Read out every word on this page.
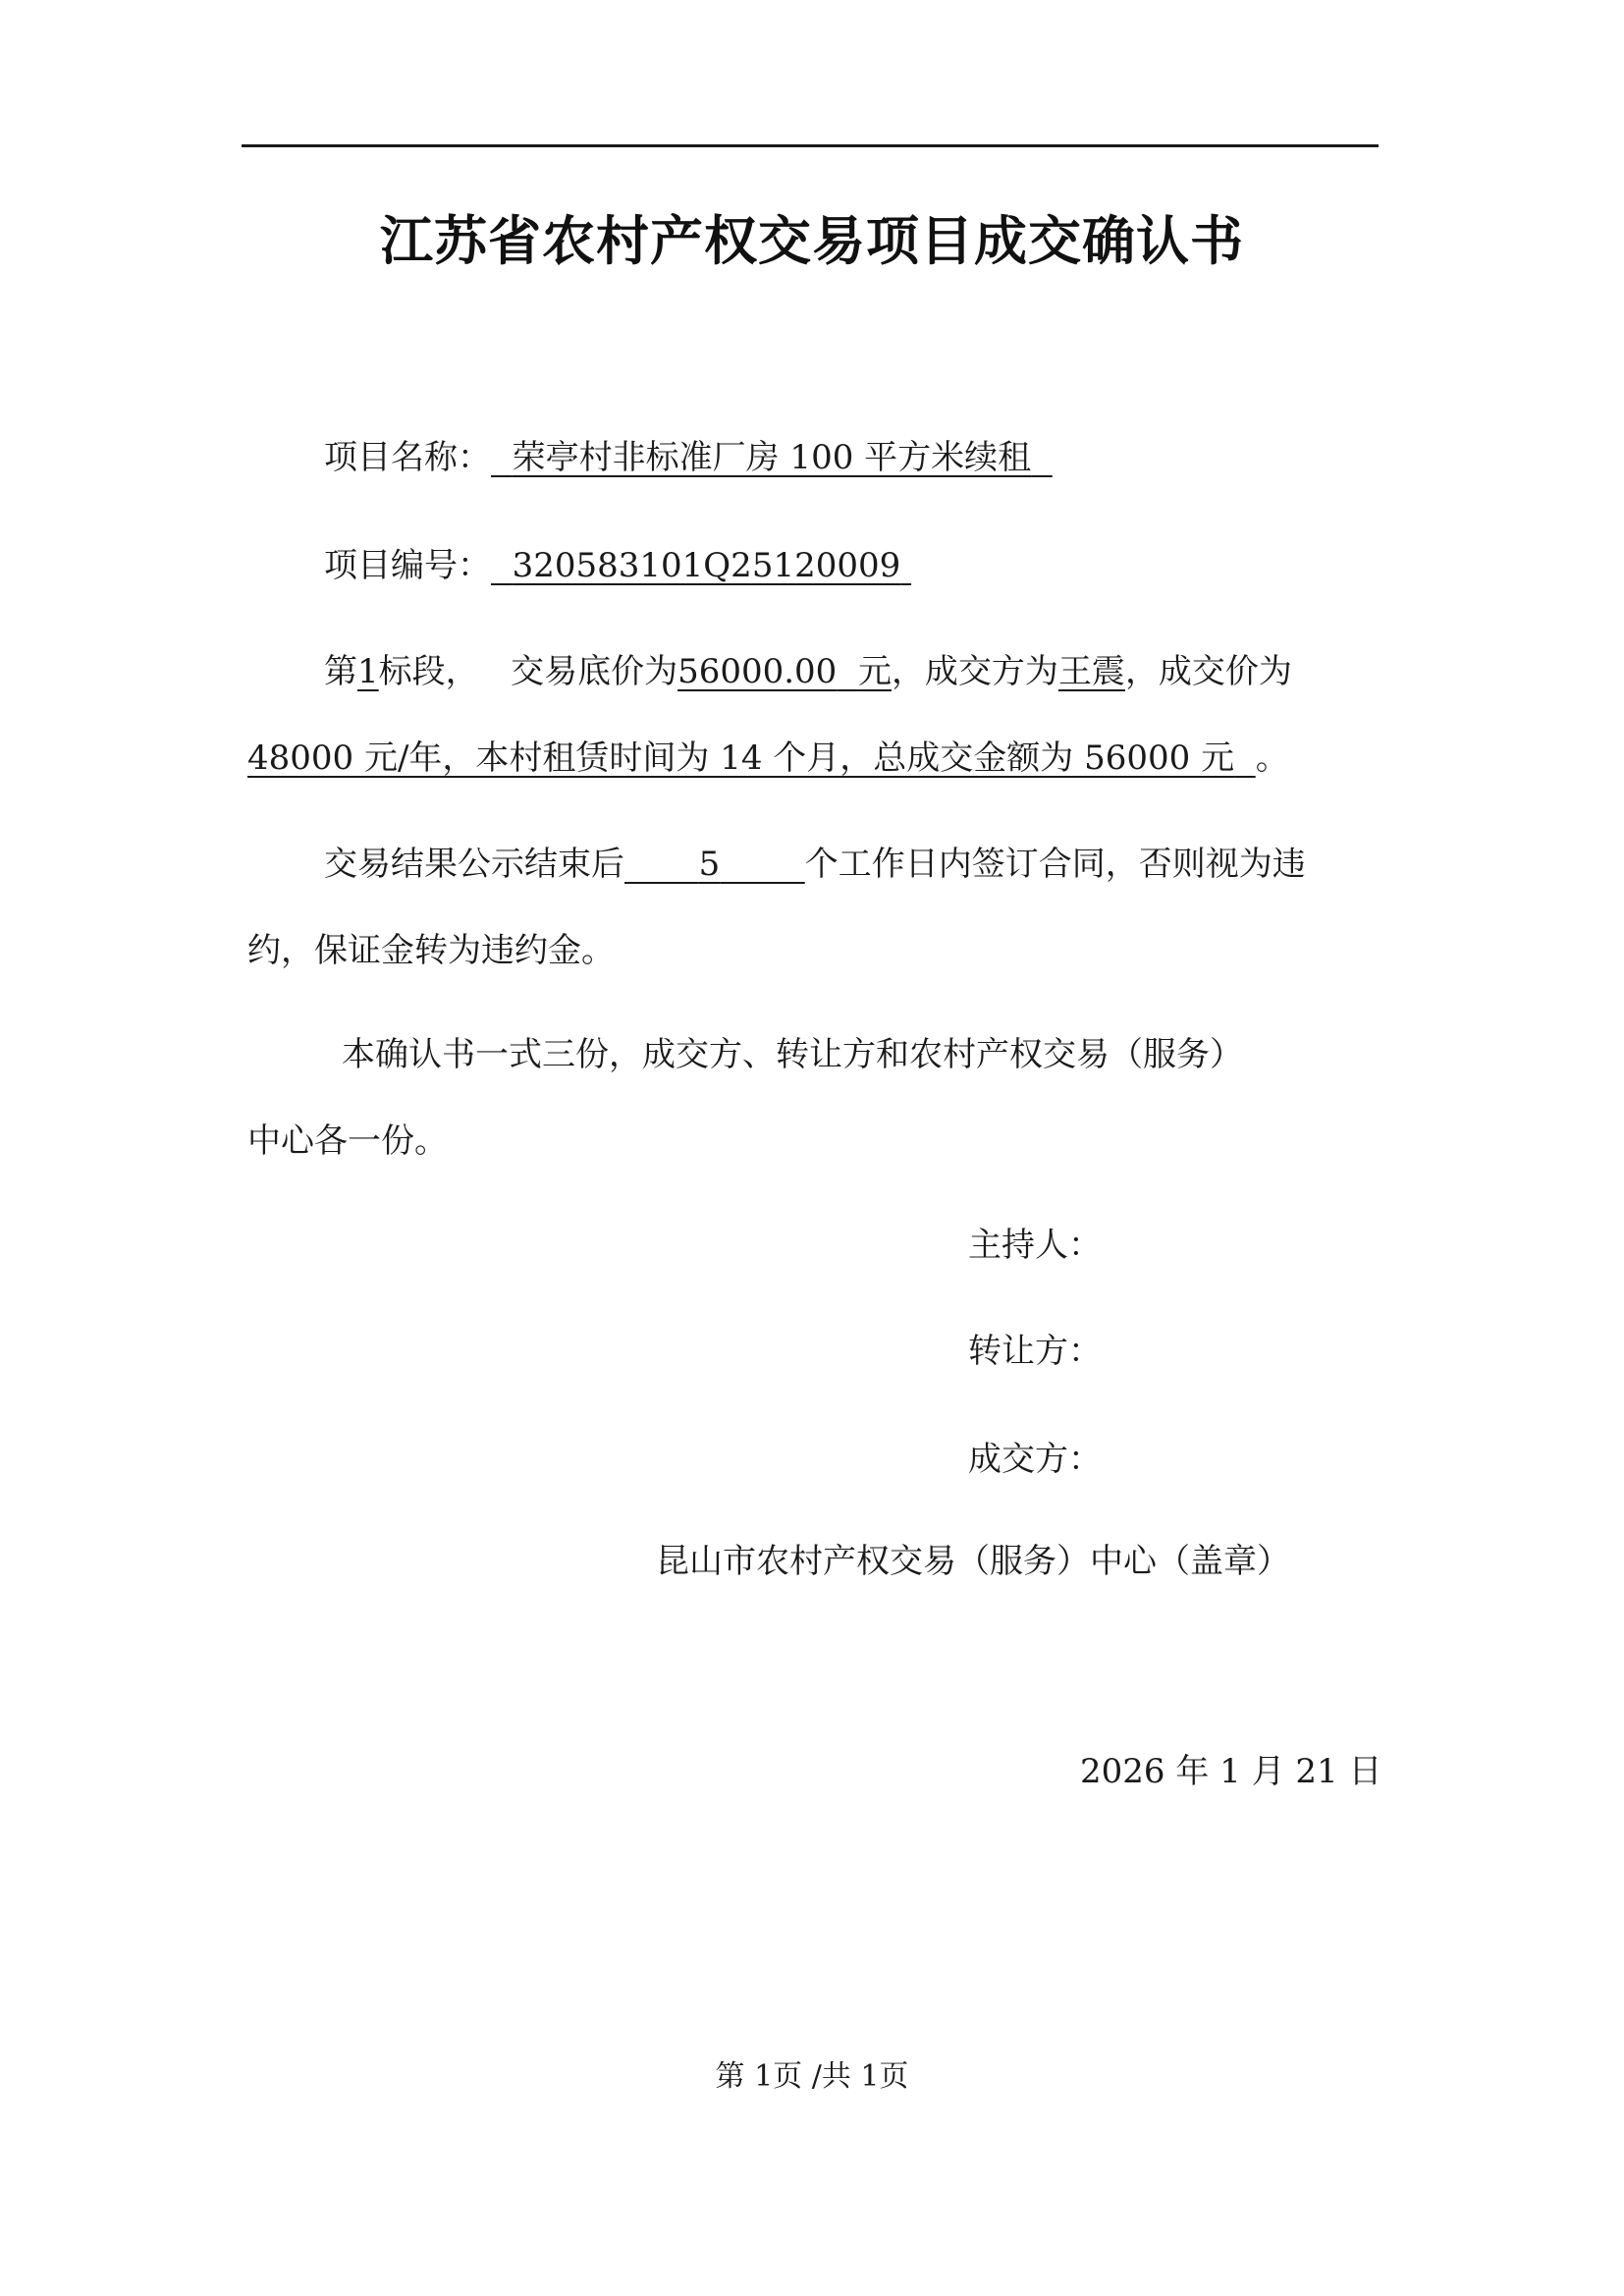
江苏省农村产权交易项目成交确认书
项目名称： 荣亭村非标准厂房 100 平方米续租
项目编号： 320583101Q25120009
第1标段， 交易底价为56000.00 元，成交方为王震，成交价为
48000 元/年，本村租赁时间为 14 个月，总成交金额为 56000 元 。
交易结果公示结束后 5	个工作日内签订合同，否则视为违
约，保证金转为违约金。
本确认书一式三份，成交方、转让方和农村产权交易（服务）
中心各一份。
主持人：
转让方：
成交方：
昆山市农村产权交易（服务）中心（盖章）
2026 年 1 月 21 日
第 1页 /共 1页
